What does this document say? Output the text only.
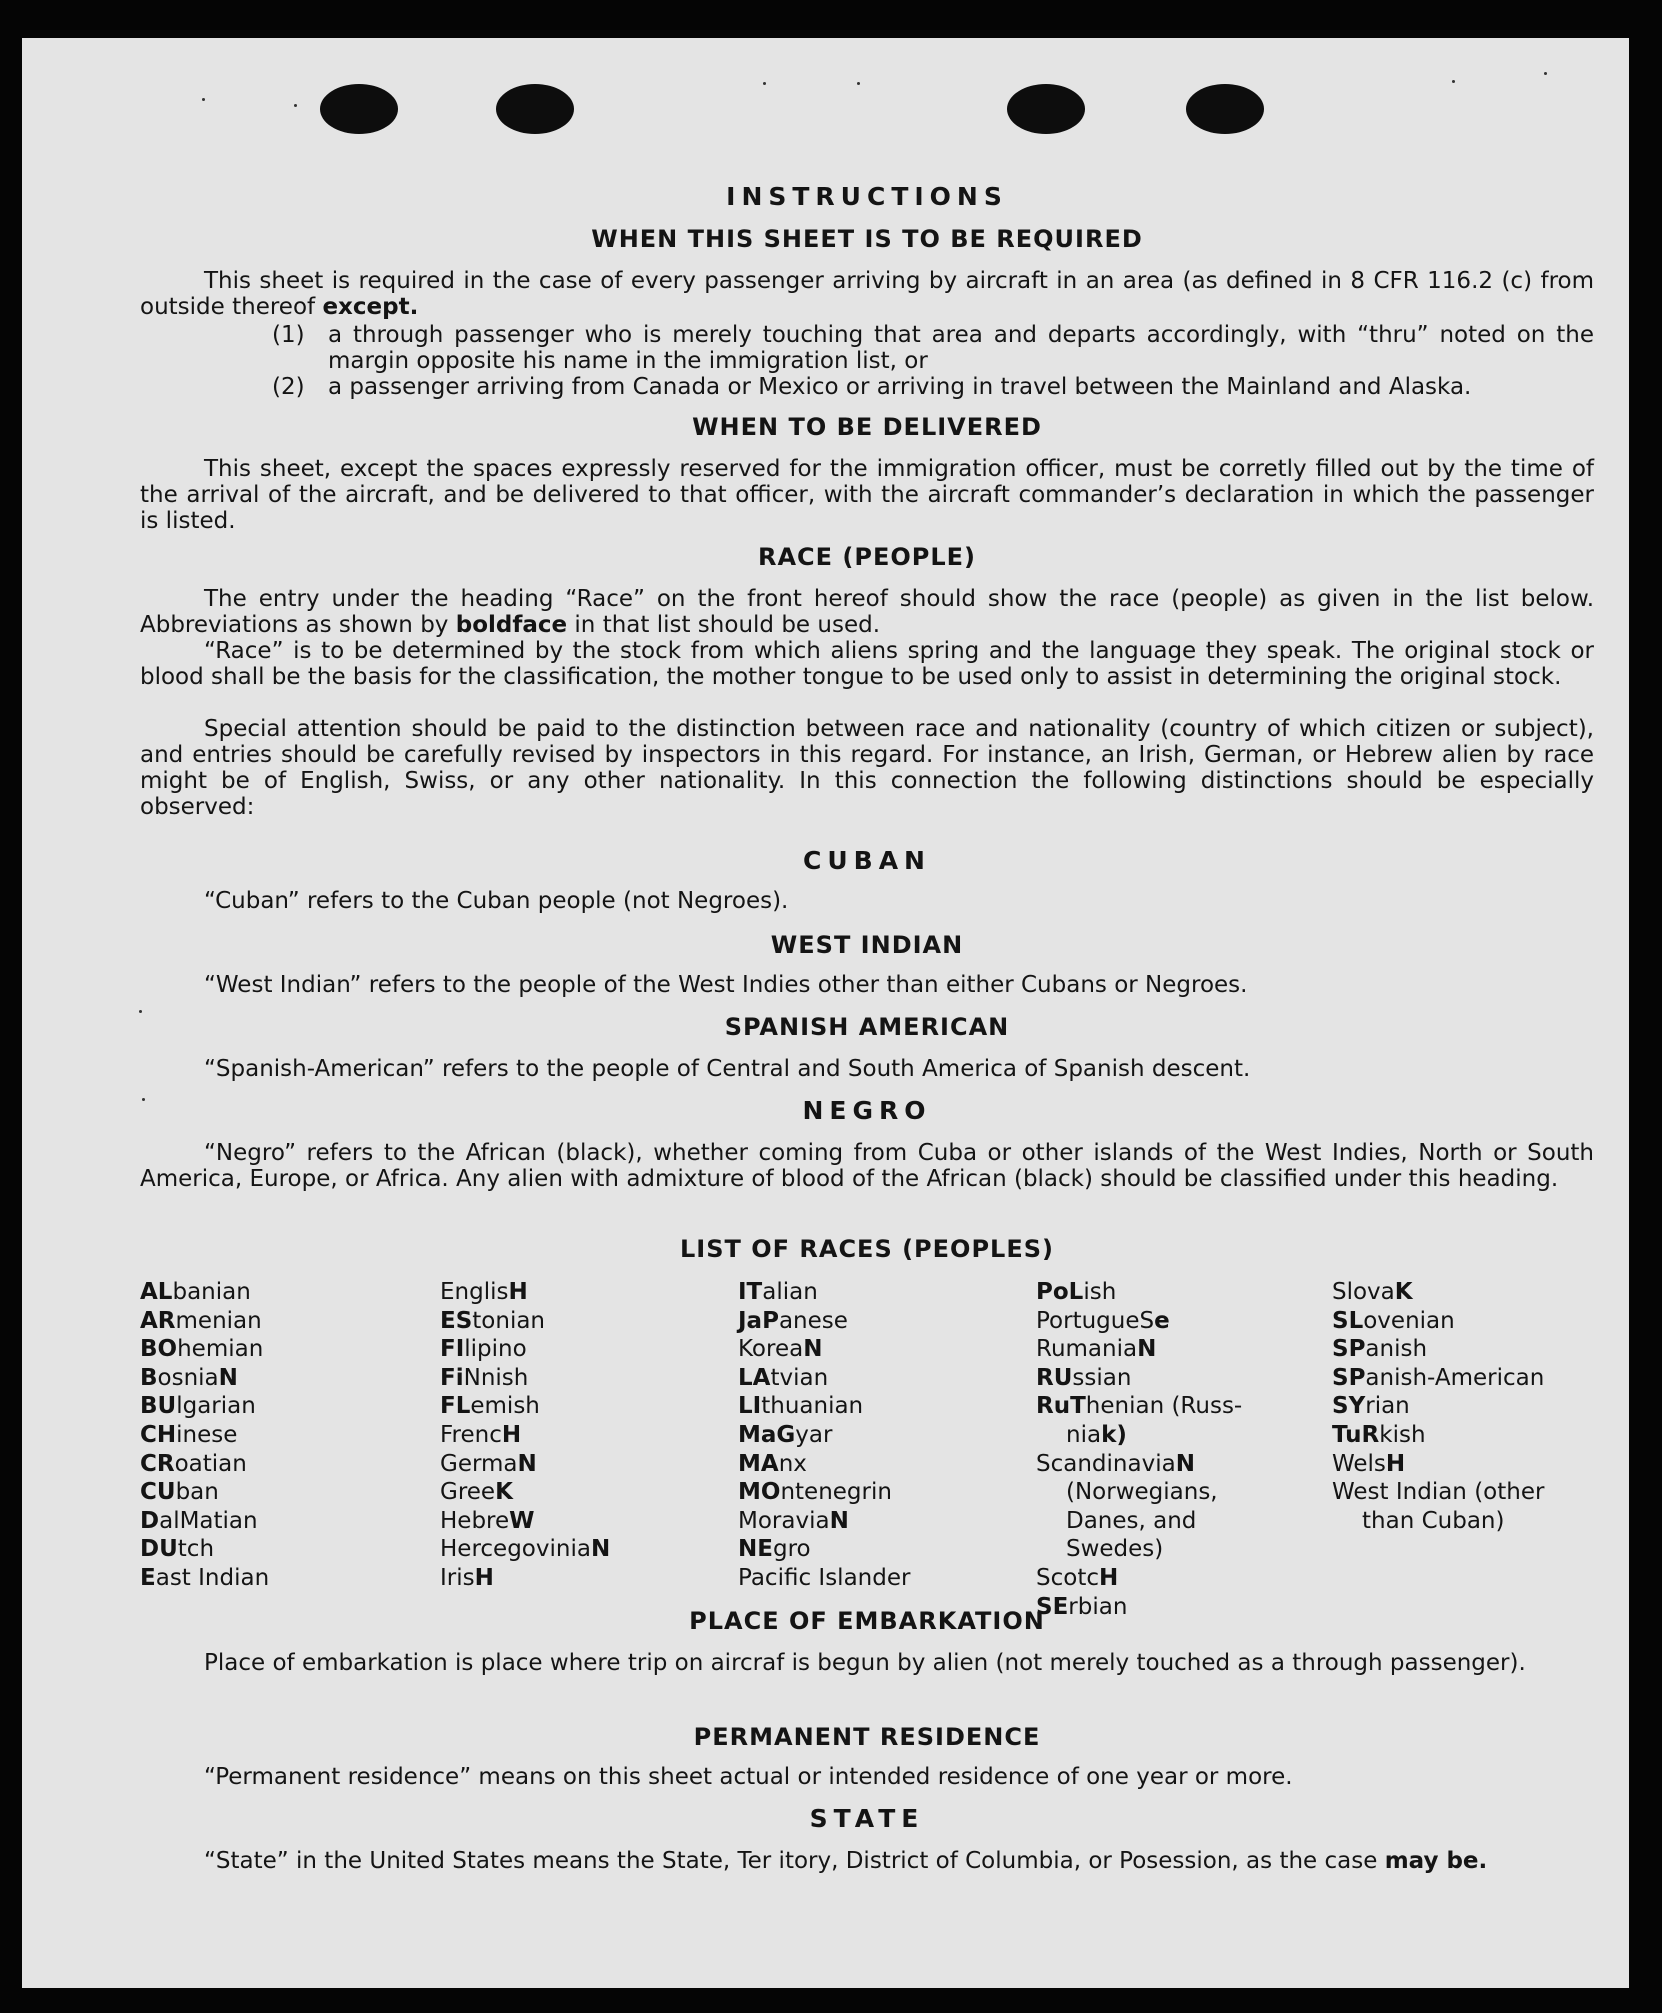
INSTRUCTIONS
WHEN THIS SHEET IS TO BE REQUIRED
This sheet is required in the case of every passenger arriving by aircraft in an area (as defined in 8 CFR 116.2 (c) from outside thereof except.
(1) a through passenger who is merely touching that area and departs accordingly, with “thru” noted on the margin opposite his name in the immigration list, or
(2) a passenger arriving from Canada or Mexico or arriving in travel between the Mainland and Alaska.
WHEN TO BE DELIVERED
This sheet, except the spaces expressly reserved for the immigration officer, must be corretly filled out by the time of the arrival of the aircraft, and be delivered to that officer, with the aircraft commander’s declaration in which the passenger is listed.
RACE (PEOPLE)
The entry under the heading “Race” on the front hereof should show the race (people) as given in the list below. Abbreviations as shown by boldface in that list should be used.
“Race” is to be determined by the stock from which aliens spring and the language they speak. The original stock or blood shall be the basis for the classification, the mother tongue to be used only to assist in determining the original stock.
Special attention should be paid to the distinction between race and nationality (country of which citizen or subject), and entries should be carefully revised by inspectors in this regard. For instance, an Irish, German, or Hebrew alien by race might be of English, Swiss, or any other nationality. In this connection the following distinctions should be especially observed:
CUBAN
“Cuban” refers to the Cuban people (not Negroes).
WEST INDIAN
“West Indian” refers to the people of the West Indies other than either Cubans or Negroes.
SPANISH AMERICAN
“Spanish-American” refers to the people of Central and South America of Spanish descent.
NEGRO
“Negro” refers to the African (black), whether coming from Cuba or other islands of the West Indies, North or South America, Europe, or Africa. Any alien with admixture of blood of the African (black) should be classified under this heading.
LIST OF RACES (PEOPLES)
ALbanian
ARmenian
BOhemian
BosniaN
BUlgarian
CHinese
CRoatian
CUban
DalMatian
DUtch
East Indian
EnglisH
EStonian
FIlipino
FiNnish
FLemish
FrencH
GermaN
GreeK
HebreW
HercegoviniaN
IrisH
ITalian
JaPanese
KoreaN
LAtvian
LIthuanian
MaGyar
MAnx
MOntenegrin
MoraviaN
NEgro
Pacific Islander
PoLish
PortugueSe
RumaniaN
RUssian
RuThenian (Russ-
niak)
ScandinaviaN
(Norwegians,
Danes, and
Swedes)
ScotcH
SErbian
SlovaK
SLovenian
SPanish
SPanish-American
SYrian
TuRkish
WelsH
West Indian (other
than Cuban)
PLACE OF EMBARKATION
Place of embarkation is place where trip on aircraf is begun by alien (not merely touched as a through passenger).
PERMANENT RESIDENCE
“Permanent residence” means on this sheet actual or intended residence of one year or more.
STATE
“State” in the United States means the State, Ter itory, District of Columbia, or Posession, as the case may be.
